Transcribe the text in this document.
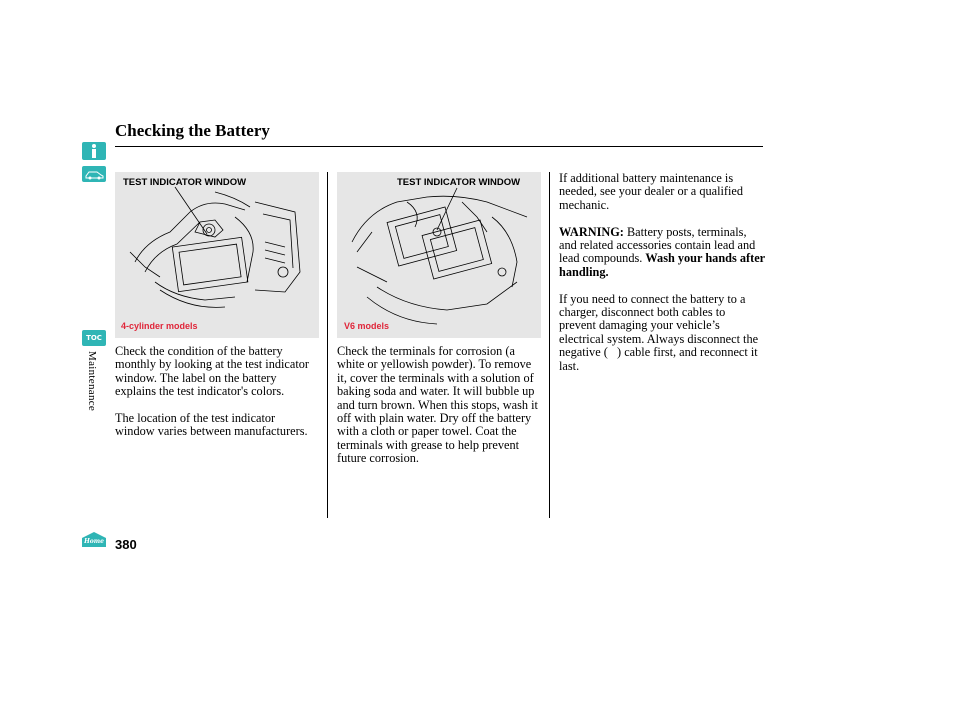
TOC
Maintenance
Home
Checking the Battery
TEST INDICATOR WINDOW
4-cylinder models
TEST INDICATOR WINDOW
V6 models

Check the condition of the battery monthly by looking at the test indicator window. The label on the battery explains the test indicator's colors.

The location of the test indicator window varies between manufacturers.

Check the terminals for corrosion (a white or yellowish powder). To remove it, cover the terminals with a solution of baking soda and water. It will bubble up and turn brown. When this stops, wash it off with plain water. Dry off the battery with a cloth or paper towel. Coat the terminals with grease to help prevent future corrosion.

If additional battery maintenance is needed, see your dealer or a qualified mechanic.

WARNING: Battery posts, terminals, and related accessories contain lead and lead compounds. Wash your hands after handling.

If you need to connect the battery to a charger, disconnect both cables to prevent damaging your vehicle’s electrical system. Always disconnect the negative (   ) cable first, and reconnect it last.

380
